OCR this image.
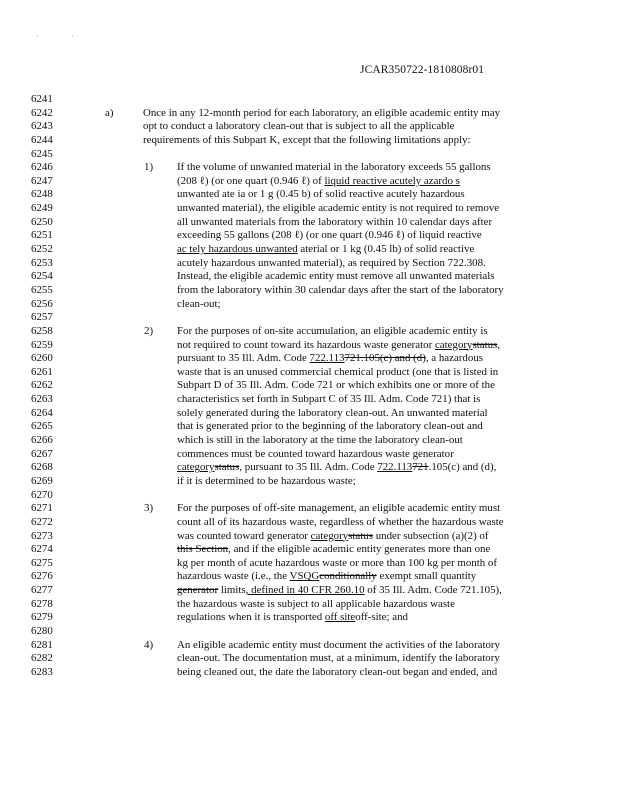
'	'
JCAR350722-1810808r01
6241
6242	a)	Once in any 12-month period for each laboratory, an eligible academic entity may
6243	opt to conduct a laboratory clean-out that is subject to all the applicable
6244	requirements of this Subpart K, except that the following limitations apply:
6245
6246	1) If the volume of unwanted material in the laboratory exceeds 55 gallons
6247	(208 ℓ) (or one quart (0.946 ℓ) of liquid reactive acutely azardo s
6248	unwanted ate ia or 1 g (0.45 b) of solid reactive acutely hazardous
6249	unwanted material), the eligible academic entity is not required to remove
6250	all unwanted materials from the laboratory within 10 calendar days after
6251	exceeding 55 gallons (208 ℓ) (or one quart (0.946 ℓ) of liquid reactive
6252	ac tely hazardous unwanted aterial or 1 kg (0.45 lb) of solid reactive
6253	acutely hazardous unwanted material), as required by Section 722.308.
6254	Instead, the eligible academic entity must remove all unwanted materials
6255	from the laboratory within 30 calendar days after the start of the laboratory
6256	clean-out;
6257
6258	2) For the purposes of on-site accumulation, an eligible academic entity is
6259	not required to count toward its hazardous waste generator categorystatus,
6260	pursuant to 35 Ill. Adm. Code 722.113721.105(c) and (d), a hazardous
6261	waste that is an unused commercial chemical product (one that is listed in
6262	Subpart D of 35 Ill. Adm. Code 721 or which exhibits one or more of the
6263	characteristics set forth in Subpart C of 35 Ill. Adm. Code 721) that is
6264	solely generated during the laboratory clean-out. An unwanted material
6265	that is generated prior to the beginning of the laboratory clean-out and
6266	which is still in the laboratory at the time the laboratory clean-out
6267	commences must be counted toward hazardous waste generator
6268	categorystatus, pursuant to 35 Ill. Adm. Code 722.113721.105(c) and (d),
6269	if it is determined to be hazardous waste;
6270
6271	3) For the purposes of off-site management, an eligible academic entity must
6272	count all of its hazardous waste, regardless of whether the hazardous waste
6273	was counted toward generator categorystatus under subsection (a)(2) of
6274	this Section, and if the eligible academic entity generates more than one
6275	kg per month of acute hazardous waste or more than 100 kg per month of
6276	hazardous waste (i.e., the VSQGconditionally exempt small quantity
6277	generator limits, defined in 40 CFR 260.10 of 35 Ill. Adm. Code 721.105),
6278	the hazardous waste is subject to all applicable hazardous waste
6279	regulations when it is transported off siteoff-site; and
6280
6281	4) An eligible academic entity must document the activities of the laboratory
6282	clean-out. The documentation must, at a minimum, identify the laboratory
6283	being cleaned out, the date the laboratory clean-out began and ended, and
